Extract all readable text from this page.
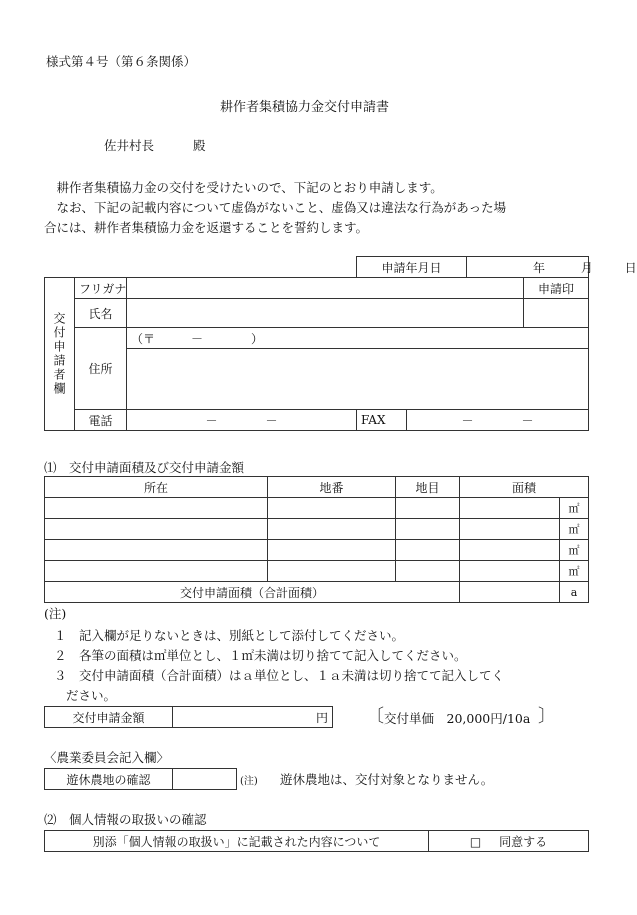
様式第４号（第６条関係）
耕作者集積協力金交付申請書
佐井村長	殿
　耕作者集積協力金の交付を受けたいので、下記のとおり申請します。
　なお、下記の記載内容について虚偽がないこと、虚偽又は違法な行為があった場
合には、耕作者集積協力金を返還することを誓約します。
			申請年月日		年 月 日	
交付申請者欄	フリガナ					申請印
	氏名					
	住所	（〒　　　－　　　　）				

	電話	－　　　　－	FAX	－　　　　－		
⑴　交付申請面積及び交付申請金額
所在	地番	地目	面積	
				㎡
				㎡
				㎡
				㎡
交付申請面積（合計面積）				a
(注)
１　記入欄が足りないときは、別紙として添付してください。
２　各筆の面積は㎡単位とし、１㎡未満は切り捨てて記入してください。
３　交付申請面積（合計面積）はａ単位とし、１ａ未満は切り捨てて記入してく
ださい。
交付申請金額	円 〔 交付単価　20,000円/10a 〕
〈農業委員会記入欄〉
遊休農地の確認		(注) 遊休農地は、交付対象となりません。
⑵　個人情報の取扱いの確認
別添「個人情報の取扱い」に記載された内容について	□ 同意する
